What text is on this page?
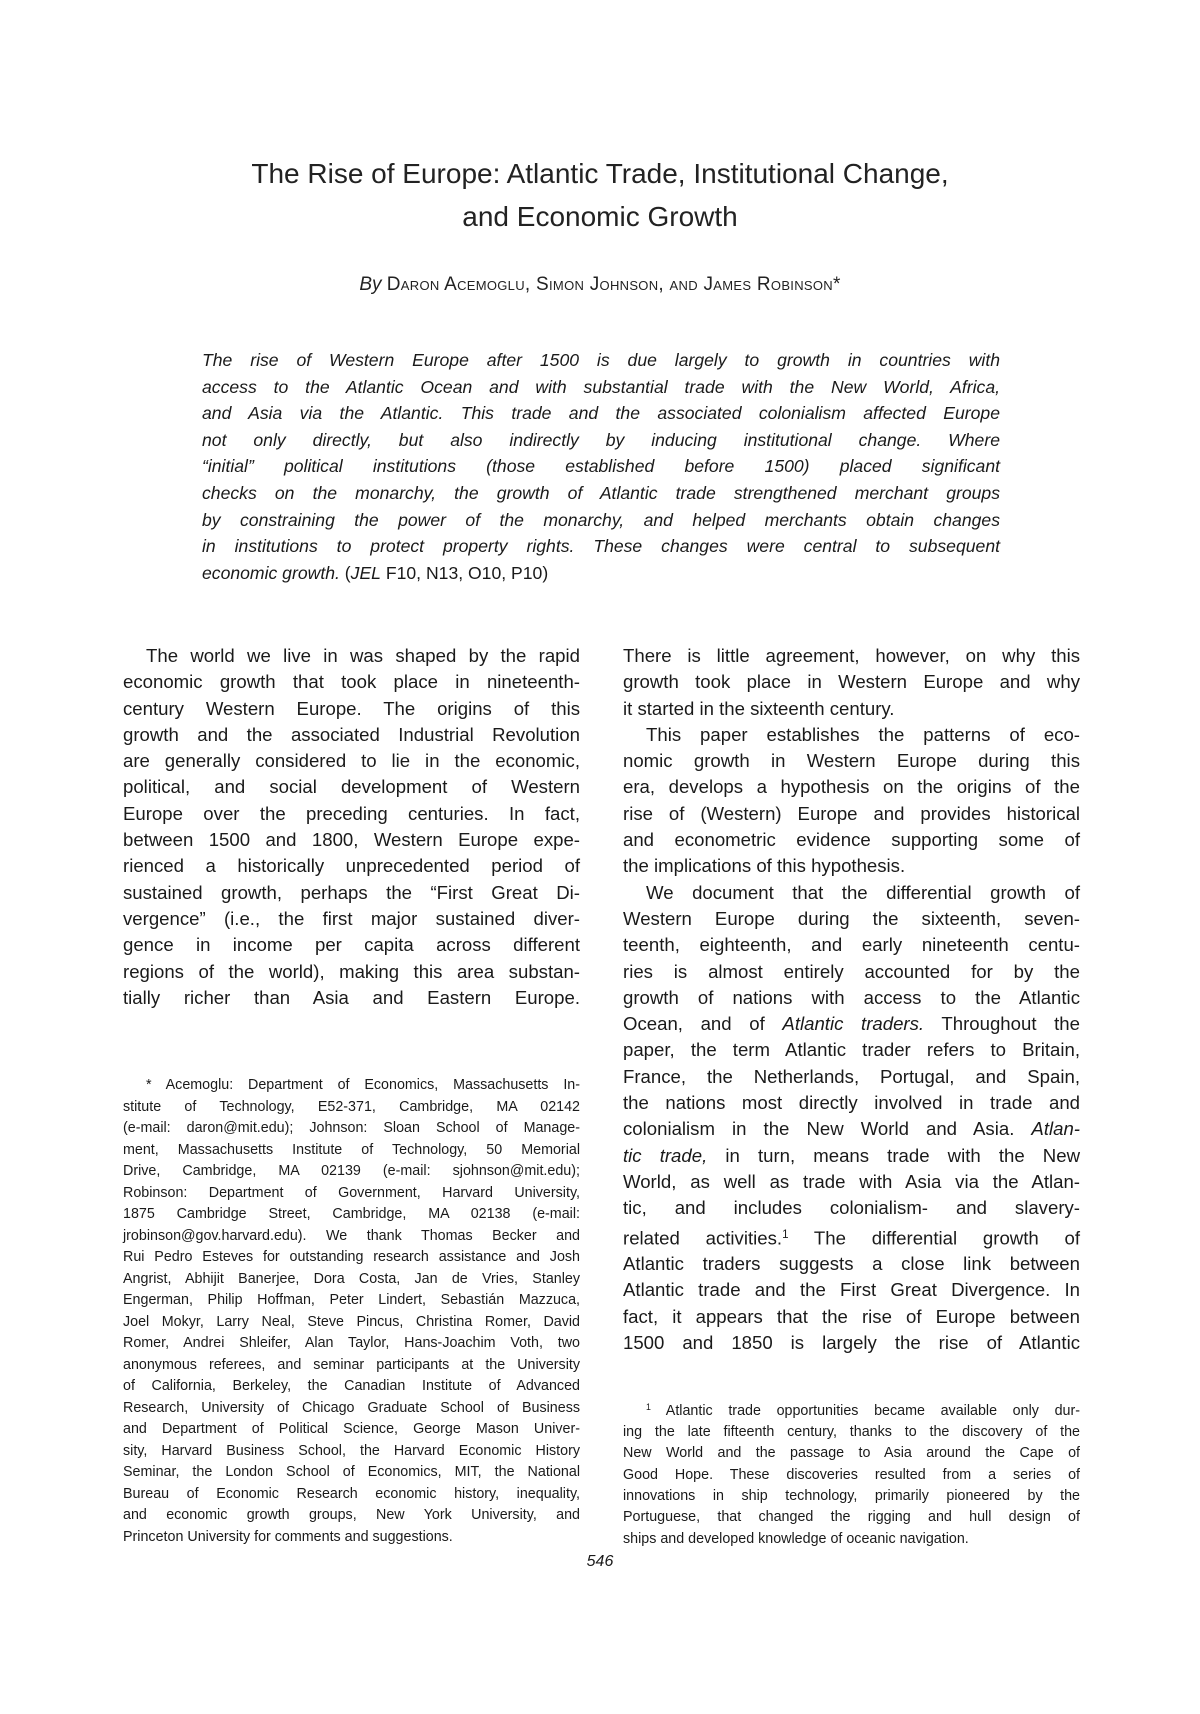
The Rise of Europe: Atlantic Trade, Institutional Change,
and Economic Growth
By Daron Acemoglu, Simon Johnson, and James Robinson*
The rise of Western Europe after 1500 is due largely to growth in countries with
access to the Atlantic Ocean and with substantial trade with the New World, Africa,
and Asia via the Atlantic. This trade and the associated colonialism affected Europe
not only directly, but also indirectly by inducing institutional change. Where
“initial” political institutions (those established before 1500) placed significant
checks on the monarchy, the growth of Atlantic trade strengthened merchant groups
by constraining the power of the monarchy, and helped merchants obtain changes
in institutions to protect property rights. These changes were central to subsequent
economic growth. (JEL F10, N13, O10, P10)
The world we live in was shaped by the rapid
economic growth that took place in nineteenth-
century Western Europe. The origins of this
growth and the associated Industrial Revolution
are generally considered to lie in the economic,
political, and social development of Western
Europe over the preceding centuries. In fact,
between 1500 and 1800, Western Europe expe-
rienced a historically unprecedented period of
sustained growth, perhaps the “First Great Di-
vergence” (i.e., the first major sustained diver-
gence in income per capita across different
regions of the world), making this area substan-
tially richer than Asia and Eastern Europe.
There is little agreement, however, on why this
growth took place in Western Europe and why
it started in the sixteenth century.
This paper establishes the patterns of eco-
nomic growth in Western Europe during this
era, develops a hypothesis on the origins of the
rise of (Western) Europe and provides historical
and econometric evidence supporting some of
the implications of this hypothesis.
We document that the differential growth of
Western Europe during the sixteenth, seven-
teenth, eighteenth, and early nineteenth centu-
ries is almost entirely accounted for by the
growth of nations with access to the Atlantic
Ocean, and of Atlantic traders. Throughout the
paper, the term Atlantic trader refers to Britain,
France, the Netherlands, Portugal, and Spain,
the nations most directly involved in trade and
colonialism in the New World and Asia. Atlan-
tic trade, in turn, means trade with the New
World, as well as trade with Asia via the Atlan-
tic, and includes colonialism- and slavery-
related activities.$^1$ The differential growth of
Atlantic traders suggests a close link between
Atlantic trade and the First Great Divergence. In
fact, it appears that the rise of Europe between
1500 and 1850 is largely the rise of Atlantic
* Acemoglu: Department of Economics, Massachusetts In-
stitute of Technology, E52-371, Cambridge, MA 02142
(e-mail: daron@mit.edu); Johnson: Sloan School of Manage-
ment, Massachusetts Institute of Technology, 50 Memorial
Drive, Cambridge, MA 02139 (e-mail: sjohnson@mit.edu);
Robinson: Department of Government, Harvard University,
1875 Cambridge Street, Cambridge, MA 02138 (e-mail:
jrobinson@gov.harvard.edu). We thank Thomas Becker and
Rui Pedro Esteves for outstanding research assistance and Josh
Angrist, Abhijit Banerjee, Dora Costa, Jan de Vries, Stanley
Engerman, Philip Hoffman, Peter Lindert, Sebastián Mazzuca,
Joel Mokyr, Larry Neal, Steve Pincus, Christina Romer, David
Romer, Andrei Shleifer, Alan Taylor, Hans-Joachim Voth, two
anonymous referees, and seminar participants at the University
of California, Berkeley, the Canadian Institute of Advanced
Research, University of Chicago Graduate School of Business
and Department of Political Science, George Mason Univer-
sity, Harvard Business School, the Harvard Economic History
Seminar, the London School of Economics, MIT, the National
Bureau of Economic Research economic history, inequality,
and economic growth groups, New York University, and
Princeton University for comments and suggestions.
$^1$ Atlantic trade opportunities became available only dur-
ing the late fifteenth century, thanks to the discovery of the
New World and the passage to Asia around the Cape of
Good Hope. These discoveries resulted from a series of
innovations in ship technology, primarily pioneered by the
Portuguese, that changed the rigging and hull design of
ships and developed knowledge of oceanic navigation.
546
